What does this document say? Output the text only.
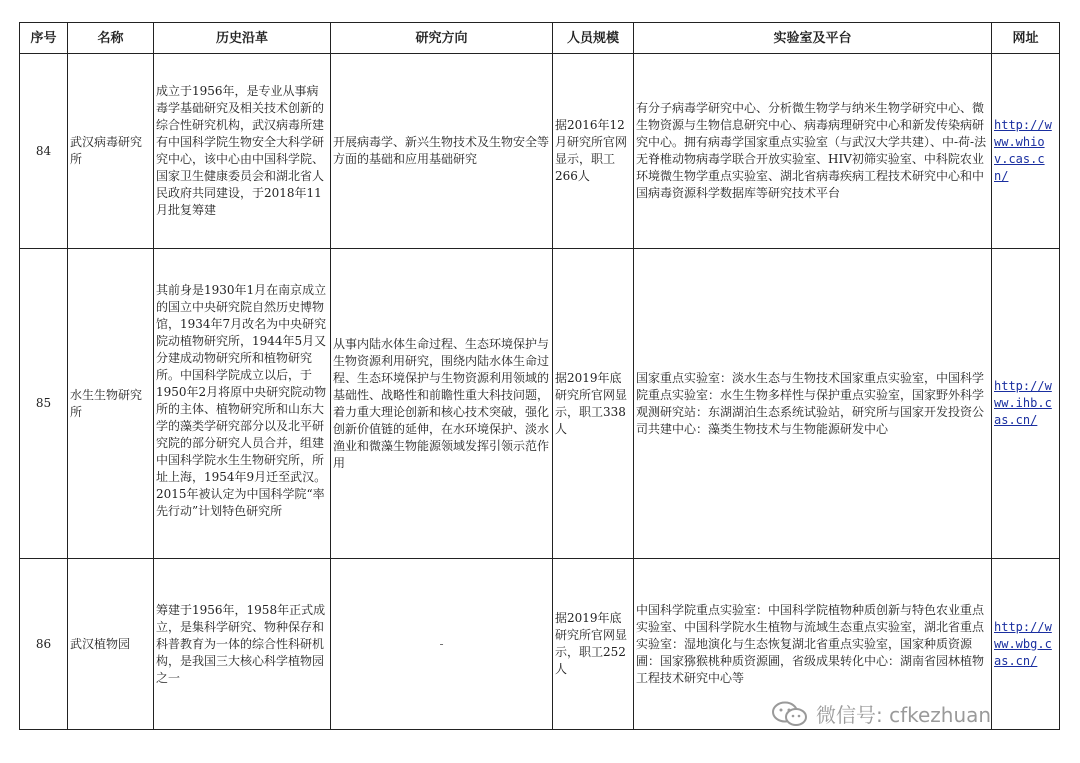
序号	名称	历史沿革	研究方向	人员规模	实验室及平台	网址
84	武汉病毒研究所	成立于1956年，是专业从事病毒学基础研究及相关技术创新的综合性研究机构，武汉病毒所建有中国科学院生物安全大科学研究中心，该中心由中国科学院、国家卫生健康委员会和湖北省人民政府共同建设，于2018年11月批复筹建	开展病毒学、新兴生物技术及生物安全等方面的基础和应用基础研究	据2016年12月研究所官网显示，职工266人	有分子病毒学研究中心、分析微生物学与纳米生物学研究中心、微生物资源与生物信息研究中心、病毒病理研究中心和新发传染病研究中心。拥有病毒学国家重点实验室（与武汉大学共建）、中-荷-法无脊椎动物病毒学联合开放实验室、HIV初筛实验室、中科院农业环境微生物学重点实验室、湖北省病毒疾病工程技术研究中心和中国病毒资源科学数据库等研究技术平台	http://www.whiov.cas.cn/
85	水生生物研究所	其前身是1930年1月在南京成立的国立中央研究院自然历史博物馆，1934年7月改名为中央研究院动植物研究所，1944年5月又分建成动物研究所和植物研究所。中国科学院成立以后，于1950年2月将原中央研究院动物所的主体、植物研究所和山东大学的藻类学研究部分以及北平研究院的部分研究人员合并，组建中国科学院水生生物研究所，所址上海，1954年9月迁至武汉。2015年被认定为中国科学院“率先行动”计划特色研究所	从事内陆水体生命过程、生态环境保护与生物资源利用研究，围绕内陆水体生命过程、生态环境保护与生物资源利用领域的基础性、战略性和前瞻性重大科技问题，着力重大理论创新和核心技术突破，强化创新价值链的延伸，在水环境保护、淡水渔业和微藻生物能源领域发挥引领示范作用	据2019年底研究所官网显示，职工338人	国家重点实验室：淡水生态与生物技术国家重点实验室，中国科学院重点实验室：水生生物多样性与保护重点实验室，国家野外科学观测研究站：东湖湖泊生态系统试验站，研究所与国家开发投资公司共建中心：藻类生物技术与生物能源研发中心	http://www.ihb.cas.cn/
86	武汉植物园	筹建于1956年，1958年正式成立，是集科学研究、物种保存和科普教育为一体的综合性科研机构，是我国三大核心科学植物园之一	-	据2019年底研究所官网显示，职工252人	中国科学院重点实验室：中国科学院植物种质创新与特色农业重点实验室、中国科学院水生植物与流域生态重点实验室，湖北省重点实验室：湿地演化与生态恢复湖北省重点实验室，国家种质资源圃：国家猕猴桃种质资源圃，省级成果转化中心：湖南省园林植物工程技术研究中心等	http://www.wbg.cas.cn/
微信号: cfkezhuan
